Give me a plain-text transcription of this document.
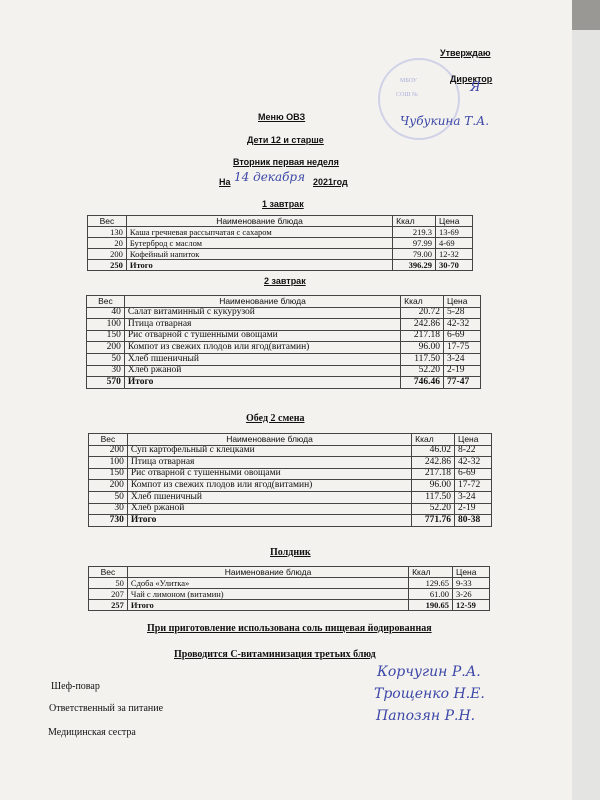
МБОУ
СОШ №
Утверждаю
Директор
Я
Чубукина Т.А.
Меню ОВЗ
Дети 12 и старше
Вторник первая неделя
На 14 декабря 2021год
1 завтрак
Вес	Наименование блюда	Ккал	Цена
130	Каша гречневая рассыпчатая с сахаром	219.3	13-69
20	Бутерброд с маслом	97.99	4-69
200	Кофейный напиток	79.00	12-32
250	Итого	396.29	30-70
2 завтрак
Вес	Наименование блюда	Ккал	Цена
40	Салат витаминный с кукурузой	20.72	5-28
100	Птица отварная	242.86	42-32
150	Рис отварной с тушенными овощами	217.18	6-69
200	Компот из свежих плодов или ягод(витамин)	96.00	17-75
50	Хлеб пшеничный	117.50	3-24
30	Хлеб ржаной	52.20	2-19
570	Итого	746.46	77-47
Обед 2 смена
Вес	Наименование блюда	Ккал	Цена
200	Суп картофельный с клецками	46.02	8-22
100	Птица отварная	242.86	42-32
150	Рис отварной с тушенными овощами	217.18	6-69
200	Компот из свежих плодов или ягод(витамин)	96.00	17-72
50	Хлеб пшеничный	117.50	3-24
30	Хлеб ржаной	52.20	2-19
730	Итого	771.76	80-38
Полдник
Вес	Наименование блюда	Ккал	Цена
50	Сдоба «Улитка»	129.65	9-33
207	Чай с лимоном (витамин)	61.00	3-26
257	Итого	190.65	12-59
При приготовление использована соль пищевая йодированная
Проводится С-витаминизация третьих блюд
Шеф-повар
Корчугин Р.А.
Ответственный за питание
Трощенко Н.Е.
Медицинская сестра
Папозян Р.Н.
